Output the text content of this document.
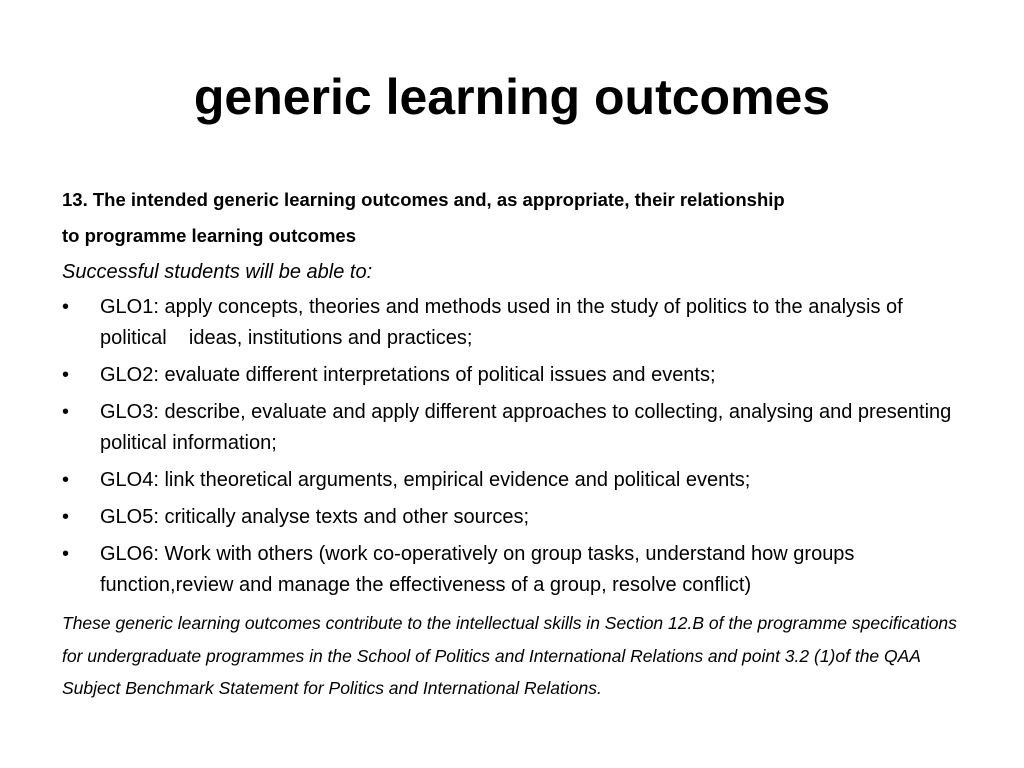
generic learning outcomes
13. The intended generic learning outcomes and, as appropriate, their relationship
to programme learning outcomes
Successful students will be able to:
•	GLO1: apply concepts, theories and methods used in the study of politics to the analysis of political    ideas, institutions and practices;
•	GLO2: evaluate different interpretations of political issues and events;
•	GLO3: describe, evaluate and apply different approaches to collecting, analysing and presenting  political information;
•	GLO4: link theoretical arguments, empirical evidence and political events;
•	GLO5: critically analyse texts and other sources;
•	GLO6: Work with others (work co-operatively on group tasks, understand how groups function,review and manage the effectiveness of a group, resolve conflict)
These generic learning outcomes contribute to the intellectual skills in Section 12.B of the programme specifications for undergraduate programmes in the School of Politics and International Relations and point 3.2 (1)of the QAA Subject Benchmark Statement for Politics and International Relations.
